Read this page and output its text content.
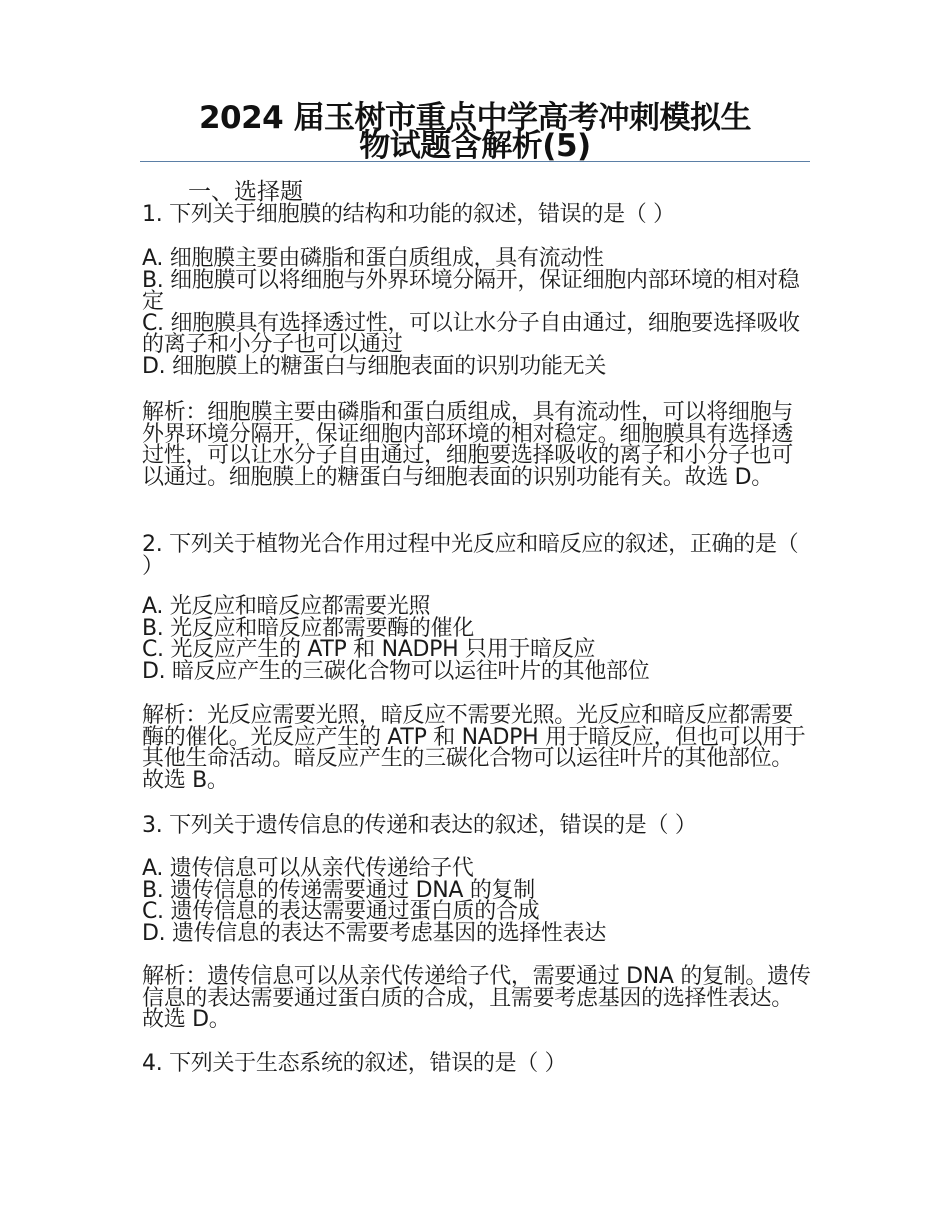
2024 届玉树市重点中学高考冲刺模拟生
物试题含解析(5)
一、选择题

1. 下列关于细胞膜的结构和功能的叙述，错误的是（ ）

A. 细胞膜主要由磷脂和蛋白质组成，具有流动性

B. 细胞膜可以将细胞与外界环境分隔开，保证细胞内部环境的相对稳定

C. 细胞膜具有选择透过性，可以让水分子自由通过，细胞要选择吸收的离子和小分子也可以通过

D. 细胞膜上的糖蛋白与细胞表面的识别功能无关

解析：细胞膜主要由磷脂和蛋白质组成，具有流动性，可以将细胞与外界环境分隔开，保证细胞内部环境的相对稳定。细胞膜具有选择透过性，可以让水分子自由通过，细胞要选择吸收的离子和小分子也可以通过。细胞膜上的糖蛋白与细胞表面的识别功能有关。故选 D。

2. 下列关于植物光合作用过程中光反应和暗反应的叙述，正确的是（ ）

A. 光反应和暗反应都需要光照

B. 光反应和暗反应都需要酶的催化

C. 光反应产生的 ATP 和 NADPH 只用于暗反应

D. 暗反应产生的三碳化合物可以运往叶片的其他部位

解析：光反应需要光照，暗反应不需要光照。光反应和暗反应都需要酶的催化。光反应产生的 ATP 和 NADPH 用于暗反应，但也可以用于其他生命活动。暗反应产生的三碳化合物可以运往叶片的其他部位。故选 B。

3. 下列关于遗传信息的传递和表达的叙述，错误的是（ ）

A. 遗传信息可以从亲代传递给子代

B. 遗传信息的传递需要通过 DNA 的复制

C. 遗传信息的表达需要通过蛋白质的合成

D. 遗传信息的表达不需要考虑基因的选择性表达

解析：遗传信息可以从亲代传递给子代，需要通过 DNA 的复制。遗传信息的表达需要通过蛋白质的合成，且需要考虑基因的选择性表达。故选 D。

4. 下列关于生态系统的叙述，错误的是（ ）
